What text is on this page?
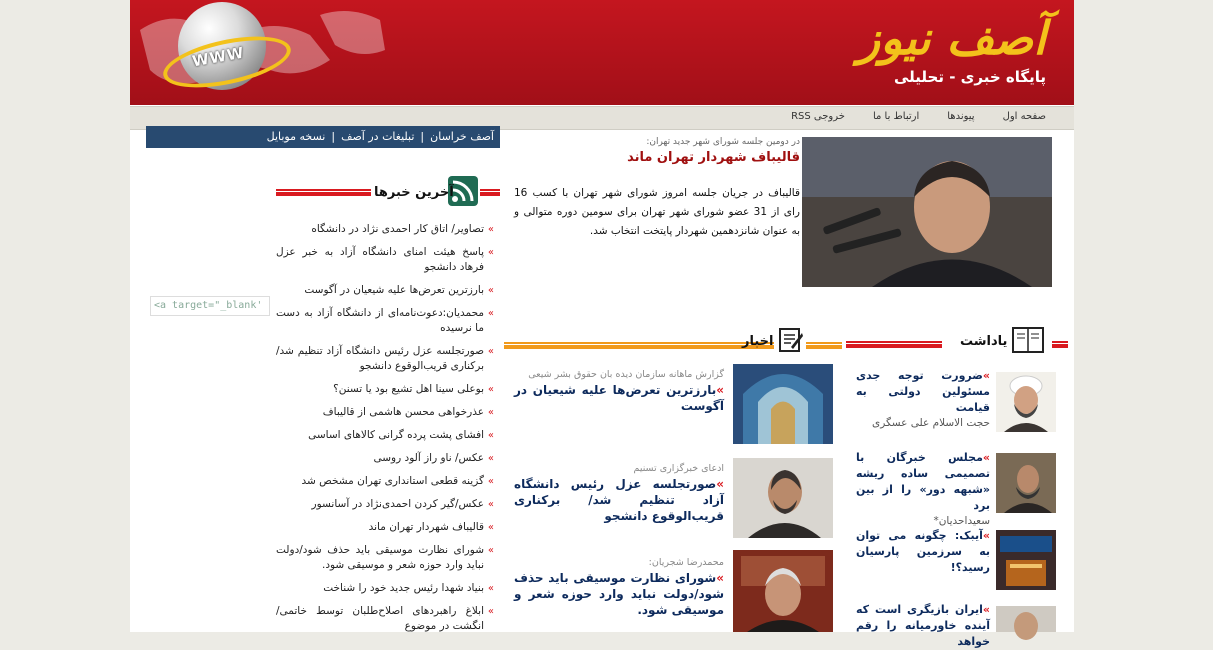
WWW	آصف نیوز
پایگاه خبری - تحلیلی
صفحه اول
پیوندها
ارتباط با ما
خروجی RSS
آصف خراسان|تبلیغات در آصف|نسخه موبایل
آخرین خبرها
» تصاویر/ اتاق کار احمدی نژاد در دانشگاه
» پاسخ هیئت امنای دانشگاه آزاد به خبر عزل فرهاد دانشجو
» بارزترین تعرض‌ها علیه شیعیان در آگوست
» محمدیان:دعوت‌نامه‌ای از دانشگاه آزاد به دست ما نرسیده
» صورتجلسه عزل رئیس دانشگاه آزاد تنظیم شد/ برکناری قریب‌الوقوع دانشجو
» بوعلی سینا اهل تشیع بود یا تسنن؟
» عذرخواهی محسن هاشمی از قالیباف
» افشای پشت پرده گرانی کالاهای اساسی
» عکس/ ناو راز آلود روسی
» گزینه قطعی استانداری تهران مشخص شد
» عکس/گیر کردن احمدی‌نژاد در آسانسور
» قالیباف شهردار تهران ماند
» شورای نظارت موسیقی باید حذف شود/دولت نباید وارد حوزه شعر و موسیقی شود.
» بنیاد شهدا رئیس جدید خود را شناخت
» ابلاغ راهبردهای اصلاح‌طلبان توسط خاتمی/ انگشت در موضوع
<a target="_blank'
در دومین جلسه شورای شهر جدید تهران:
قالیباف شهردار تهران ماند
قالیباف در جریان جلسه امروز شورای شهر تهران با کسب 16 رای از 31 عضو شورای شهر تهران برای سومین دوره متوالی و به عنوان شانزدهمین شهردار پایتخت انتخاب شد.
اخبار
گزارش ماهانه سازمان دیده بان حقوق بشر شیعی
»بارزترین تعرض‌ها علیه شیعیان در آگوست
ادعای خبرگزاری تسنیم
»صورتجلسه عزل رئیس دانشگاه آزاد تنظیم شد/ برکناری قریب‌الوقوع دانشجو
محمدرضا شجریان:
»شورای نظارت موسیقی باید حذف شود/دولت نباید وارد حوزه شعر و موسیقی شود.
یاداشت
»ضرورت توجه جدی مسئولین دولتی به قیامت
حجت الاسلام علی عسگری
»مجلس خبرگان با تصمیمی ساده ریشه «شبهه دور» را از بین برد
سعیداحدیان*
»آیبک: چگونه می توان به سرزمین پارسیان رسید؟!
»ایران بازیگری است که آینده خاورمیانه را رقم خواهد
